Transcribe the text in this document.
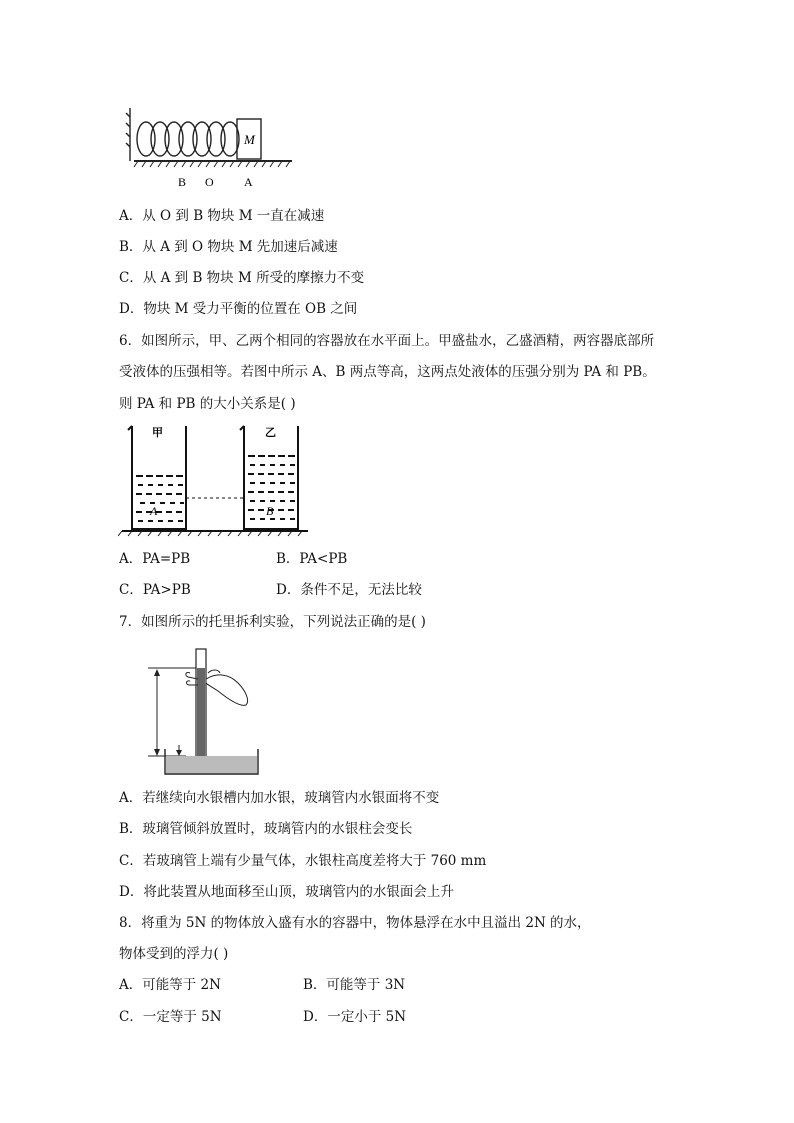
M
B O	A
A．从 O 到 B 物块 M 一直在减速
B．从 A 到 O 物块 M 先加速后减速
C．从 A 到 B 物块 M 所受的摩擦力不变
D．物块 M 受力平衡的位置在 OB 之间
6．如图所示，甲、乙两个相同的容器放在水平面上。甲盛盐水，乙盛酒精，两容器底部所
受液体的压强相等。若图中所示 A、B 两点等高，这两点处液体的压强分别为 PA 和 PB。
则 PA 和 PB 的大小关系是( )
甲	乙
A	B
A．PA=PB	B．PA<PB
C．PA>PB	D．条件不足，无法比较
7．如图所示的托里拆利实验，下列说法正确的是( )
A．若继续向水银槽内加水银，玻璃管内水银面将不变
B．玻璃管倾斜放置时，玻璃管内的水银柱会变长
C．若玻璃管上端有少量气体，水银柱高度差将大于 760 mm
D．将此装置从地面移至山顶，玻璃管内的水银面会上升
8．将重为 5N 的物体放入盛有水的容器中，物体悬浮在水中且溢出 2N 的水，
物体受到的浮力( )
A．可能等于 2N	B．可能等于 3N
C．一定等于 5N	D．一定小于 5N
